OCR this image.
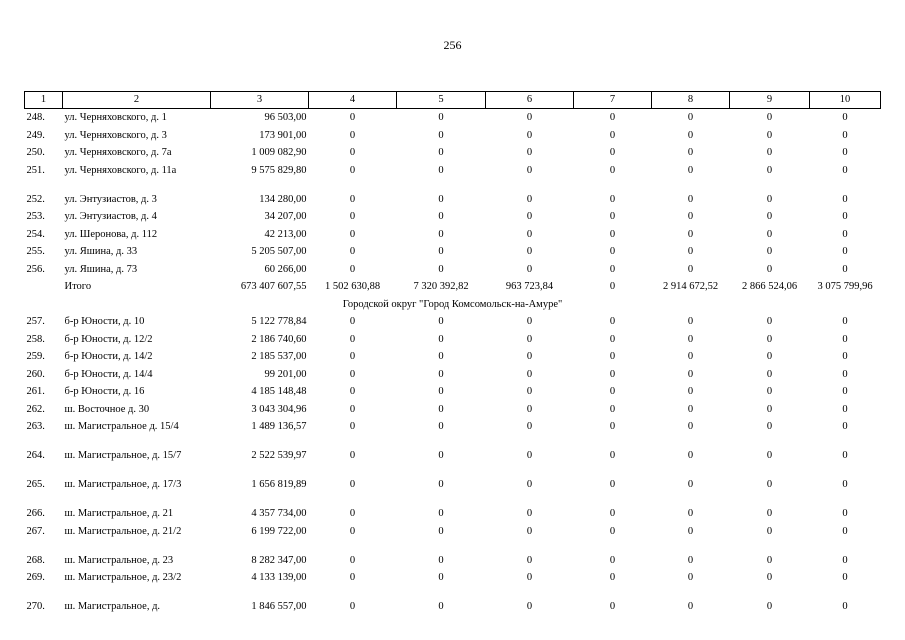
256
1	2	3	4	5	6	7	8	9	10
248.	ул. Черняховского, д. 1	96 503,00	0	0	0	0	0	0	0
249.	ул. Черняховского, д. 3	173 901,00	0	0	0	0	0	0	0
250.	ул. Черняховского, д. 7а	1 009 082,90	0	0	0	0	0	0	0
251.	ул. Черняховского, д. 11а	9 575 829,80	0	0	0	0	0	0	0
252.	ул. Энтузиастов, д. 3	134 280,00	0	0	0	0	0	0	0
253.	ул. Энтузиастов, д. 4	34 207,00	0	0	0	0	0	0	0
254.	ул. Шеронова, д. 112	42 213,00	0	0	0	0	0	0	0
255.	ул. Яшина, д. 33	5 205 507,00	0	0	0	0	0	0	0
256.	ул. Яшина, д. 73	60 266,00	0	0	0	0	0	0	0
	Итого	673 407 607,55	1 502 630,88	7 320 392,82	963 723,84	0	2 914 672,52	2 866 524,06	3 075 799,96
Городской округ "Город Комсомольск-на-Амуре"									
257.	б-р Юности, д. 10	5 122 778,84	0	0	0	0	0	0	0
258.	б-р Юности, д. 12/2	2 186 740,60	0	0	0	0	0	0	0
259.	б-р Юности, д. 14/2	2 185 537,00	0	0	0	0	0	0	0
260.	б-р Юности, д. 14/4	99 201,00	0	0	0	0	0	0	0
261.	б-р Юности, д. 16	4 185 148,48	0	0	0	0	0	0	0
262.	ш. Восточное д. 30	3 043 304,96	0	0	0	0	0	0	0
263.	ш. Магистральное д. 15/4	1 489 136,57	0	0	0	0	0	0	0
264.	ш. Магистральное, д. 15/7	2 522 539,97	0	0	0	0	0	0	0
265.	ш. Магистральное, д. 17/3	1 656 819,89	0	0	0	0	0	0	0
266.	ш. Магистральное, д. 21	4 357 734,00	0	0	0	0	0	0	0
267.	ш. Магистральное, д. 21/2	6 199 722,00	0	0	0	0	0	0	0
268.	ш. Магистральное, д. 23	8 282 347,00	0	0	0	0	0	0	0
269.	ш. Магистральное, д. 23/2	4 133 139,00	0	0	0	0	0	0	0
270.	ш. Магистральное, д.	1 846 557,00	0	0	0	0	0	0	0
